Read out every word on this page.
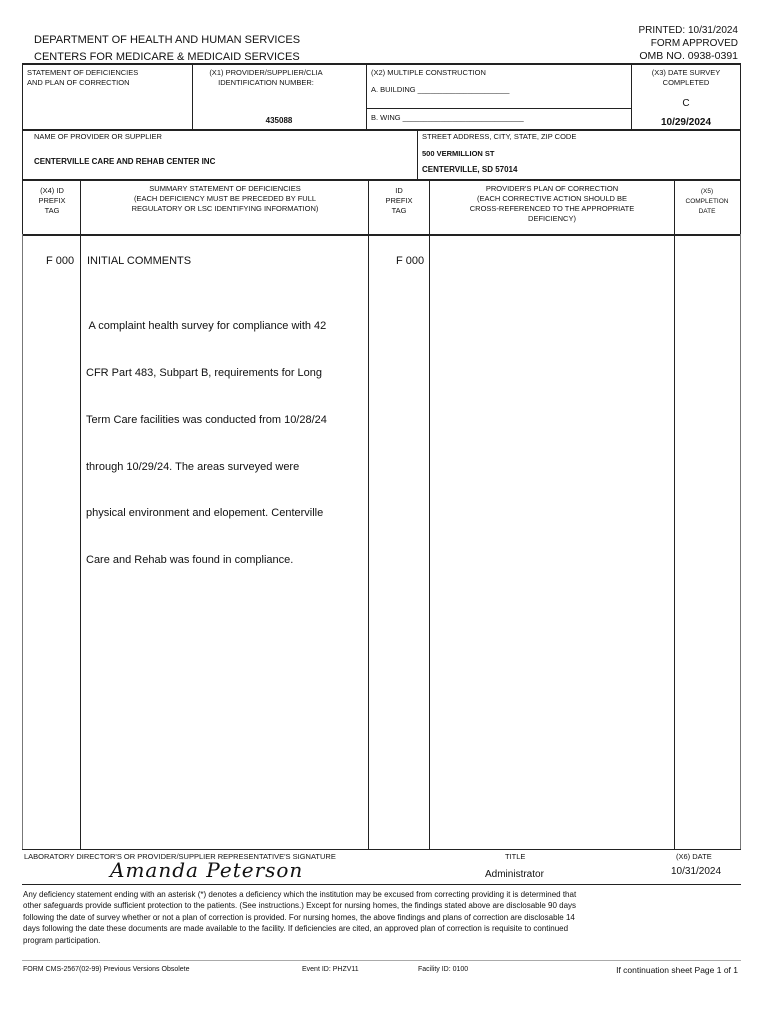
PRINTED: 10/31/2024
FORM APPROVED
OMB NO. 0938-0391
DEPARTMENT OF HEALTH AND HUMAN SERVICES
CENTERS FOR MEDICARE & MEDICAID SERVICES
STATEMENT OF DEFICIENCIES
AND PLAN OF CORRECTION
(X1) PROVIDER/SUPPLIER/CLIA
IDENTIFICATION NUMBER:
435088
(X2) MULTIPLE CONSTRUCTION
A. BUILDING ______________________
B. WING _____________________________
(X3) DATE SURVEY
COMPLETED
C
10/29/2024
NAME OF PROVIDER OR SUPPLIER
CENTERVILLE CARE AND REHAB CENTER INC
STREET ADDRESS, CITY, STATE, ZIP CODE
500 VERMILLION ST
CENTERVILLE, SD 57014
(X4) ID
PREFIX
TAG
SUMMARY STATEMENT OF DEFICIENCIES
(EACH DEFICIENCY MUST BE PRECEDED BY FULL
REGULATORY OR LSC IDENTIFYING INFORMATION)
ID
PREFIX
TAG
PROVIDER'S PLAN OF CORRECTION
(EACH CORRECTIVE ACTION SHOULD BE
CROSS-REFERENCED TO THE APPROPRIATE
DEFICIENCY)
(X5)
COMPLETION
DATE
F 000 INITIAL COMMENTS	F 000

A complaint health survey for compliance with 42

CFR Part 483, Subpart B, requirements for Long

Term Care facilities was conducted from 10/28/24

through 10/29/24. The areas surveyed were

physical environment and elopement. Centerville

Care and Rehab was found in compliance.

LABORATORY DIRECTOR'S OR PROVIDER/SUPPLIER REPRESENTATIVE'S SIGNATURE
Amanda Peterson
TITLE
Administrator
(X6) DATE
10/31/2024
Any deficiency statement ending with an asterisk (*) denotes a deficiency which the institution may be excused from correcting providing it is determined that
other safeguards provide sufficient protection to the patients. (See instructions.) Except for nursing homes, the findings stated above are disclosable 90 days
following the date of survey whether or not a plan of correction is provided. For nursing homes, the above findings and plans of correction are disclosable 14
days following the date these documents are made available to the facility. If deficiencies are cited, an approved plan of correction is requisite to continued
program participation.
FORM CMS-2567(02-99) Previous Versions Obsolete	Event ID: PHZV11	Facility ID: 0100	If continuation sheet Page 1 of 1
